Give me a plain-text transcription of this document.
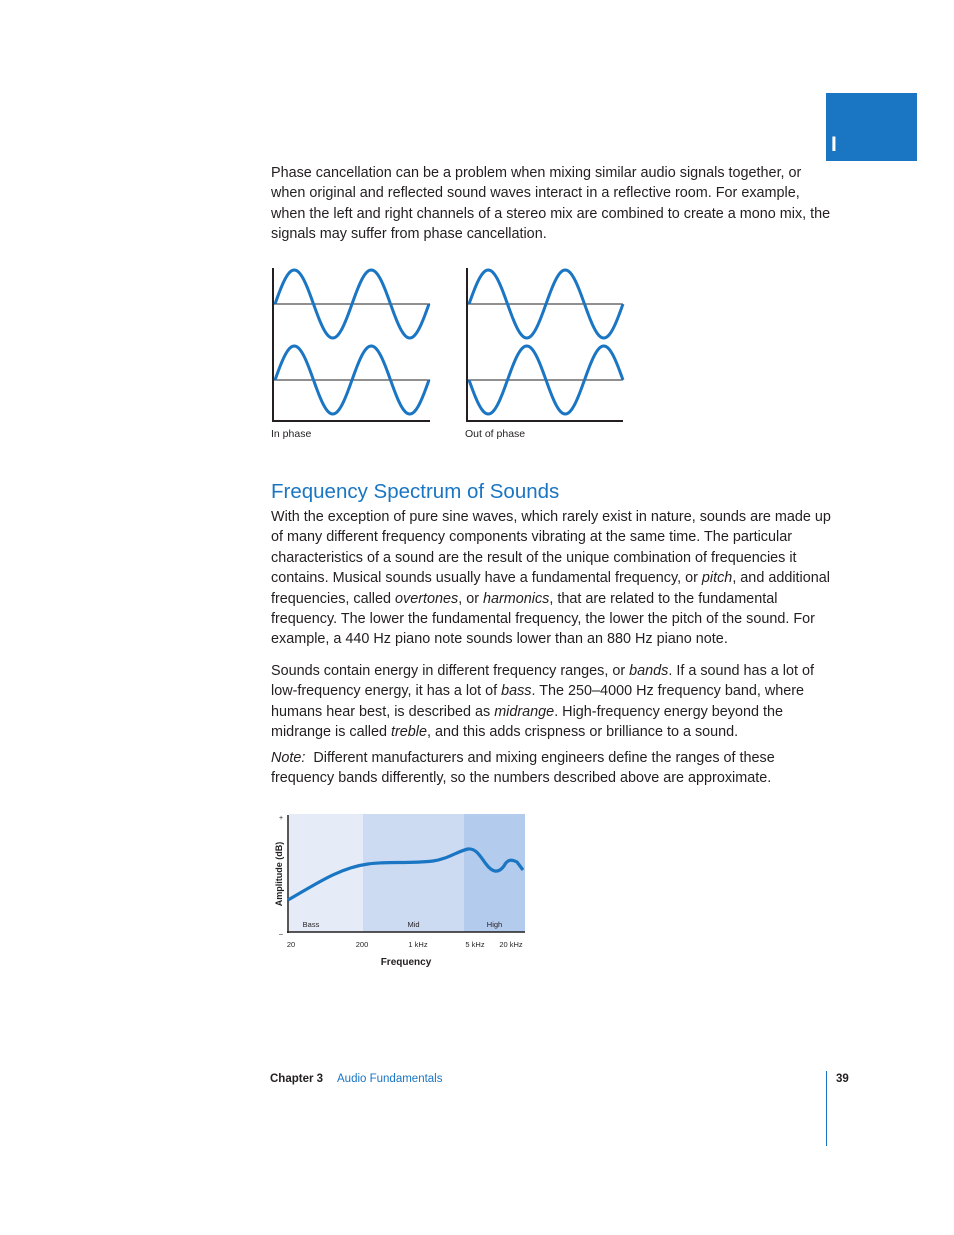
I

Phase cancellation can be a problem when mixing similar audio signals together, or when original and reflected sound waves interact in a reflective room. For example, when the left and right channels of a stereo mix are combined to create a mono mix, the signals may suffer from phase cancellation.

In phase	Out of phase
Frequency Spectrum of Sounds

With the exception of pure sine waves, which rarely exist in nature, sounds are made up of many different frequency components vibrating at the same time. The particular characteristics of a sound are the result of the unique combination of frequencies it contains. Musical sounds usually have a fundamental frequency, or pitch, and additional frequencies, called overtones, or harmonics, that are related to the fundamental frequency. The lower the fundamental frequency, the lower the pitch of the sound. For example, a 440 Hz piano note sounds lower than an 880 Hz piano note.

Sounds contain energy in different frequency ranges, or bands. If a sound has a lot of low-frequency energy, it has a lot of bass. The 250–4000 Hz frequency band, where humans hear best, is described as midrange. High-frequency energy beyond the midrange is called treble, and this adds crispness or brilliance to a sound.

Note: Different manufacturers and mixing engineers define the ranges of these frequency bands differently, so the numbers described above are approximate.

Bass	Mid	High
+
–
20	200	1 kHz	5 kHz 20 kHz
Amplitude (dB)
Frequency
Chapter 3 Audio Fundamentals	39
